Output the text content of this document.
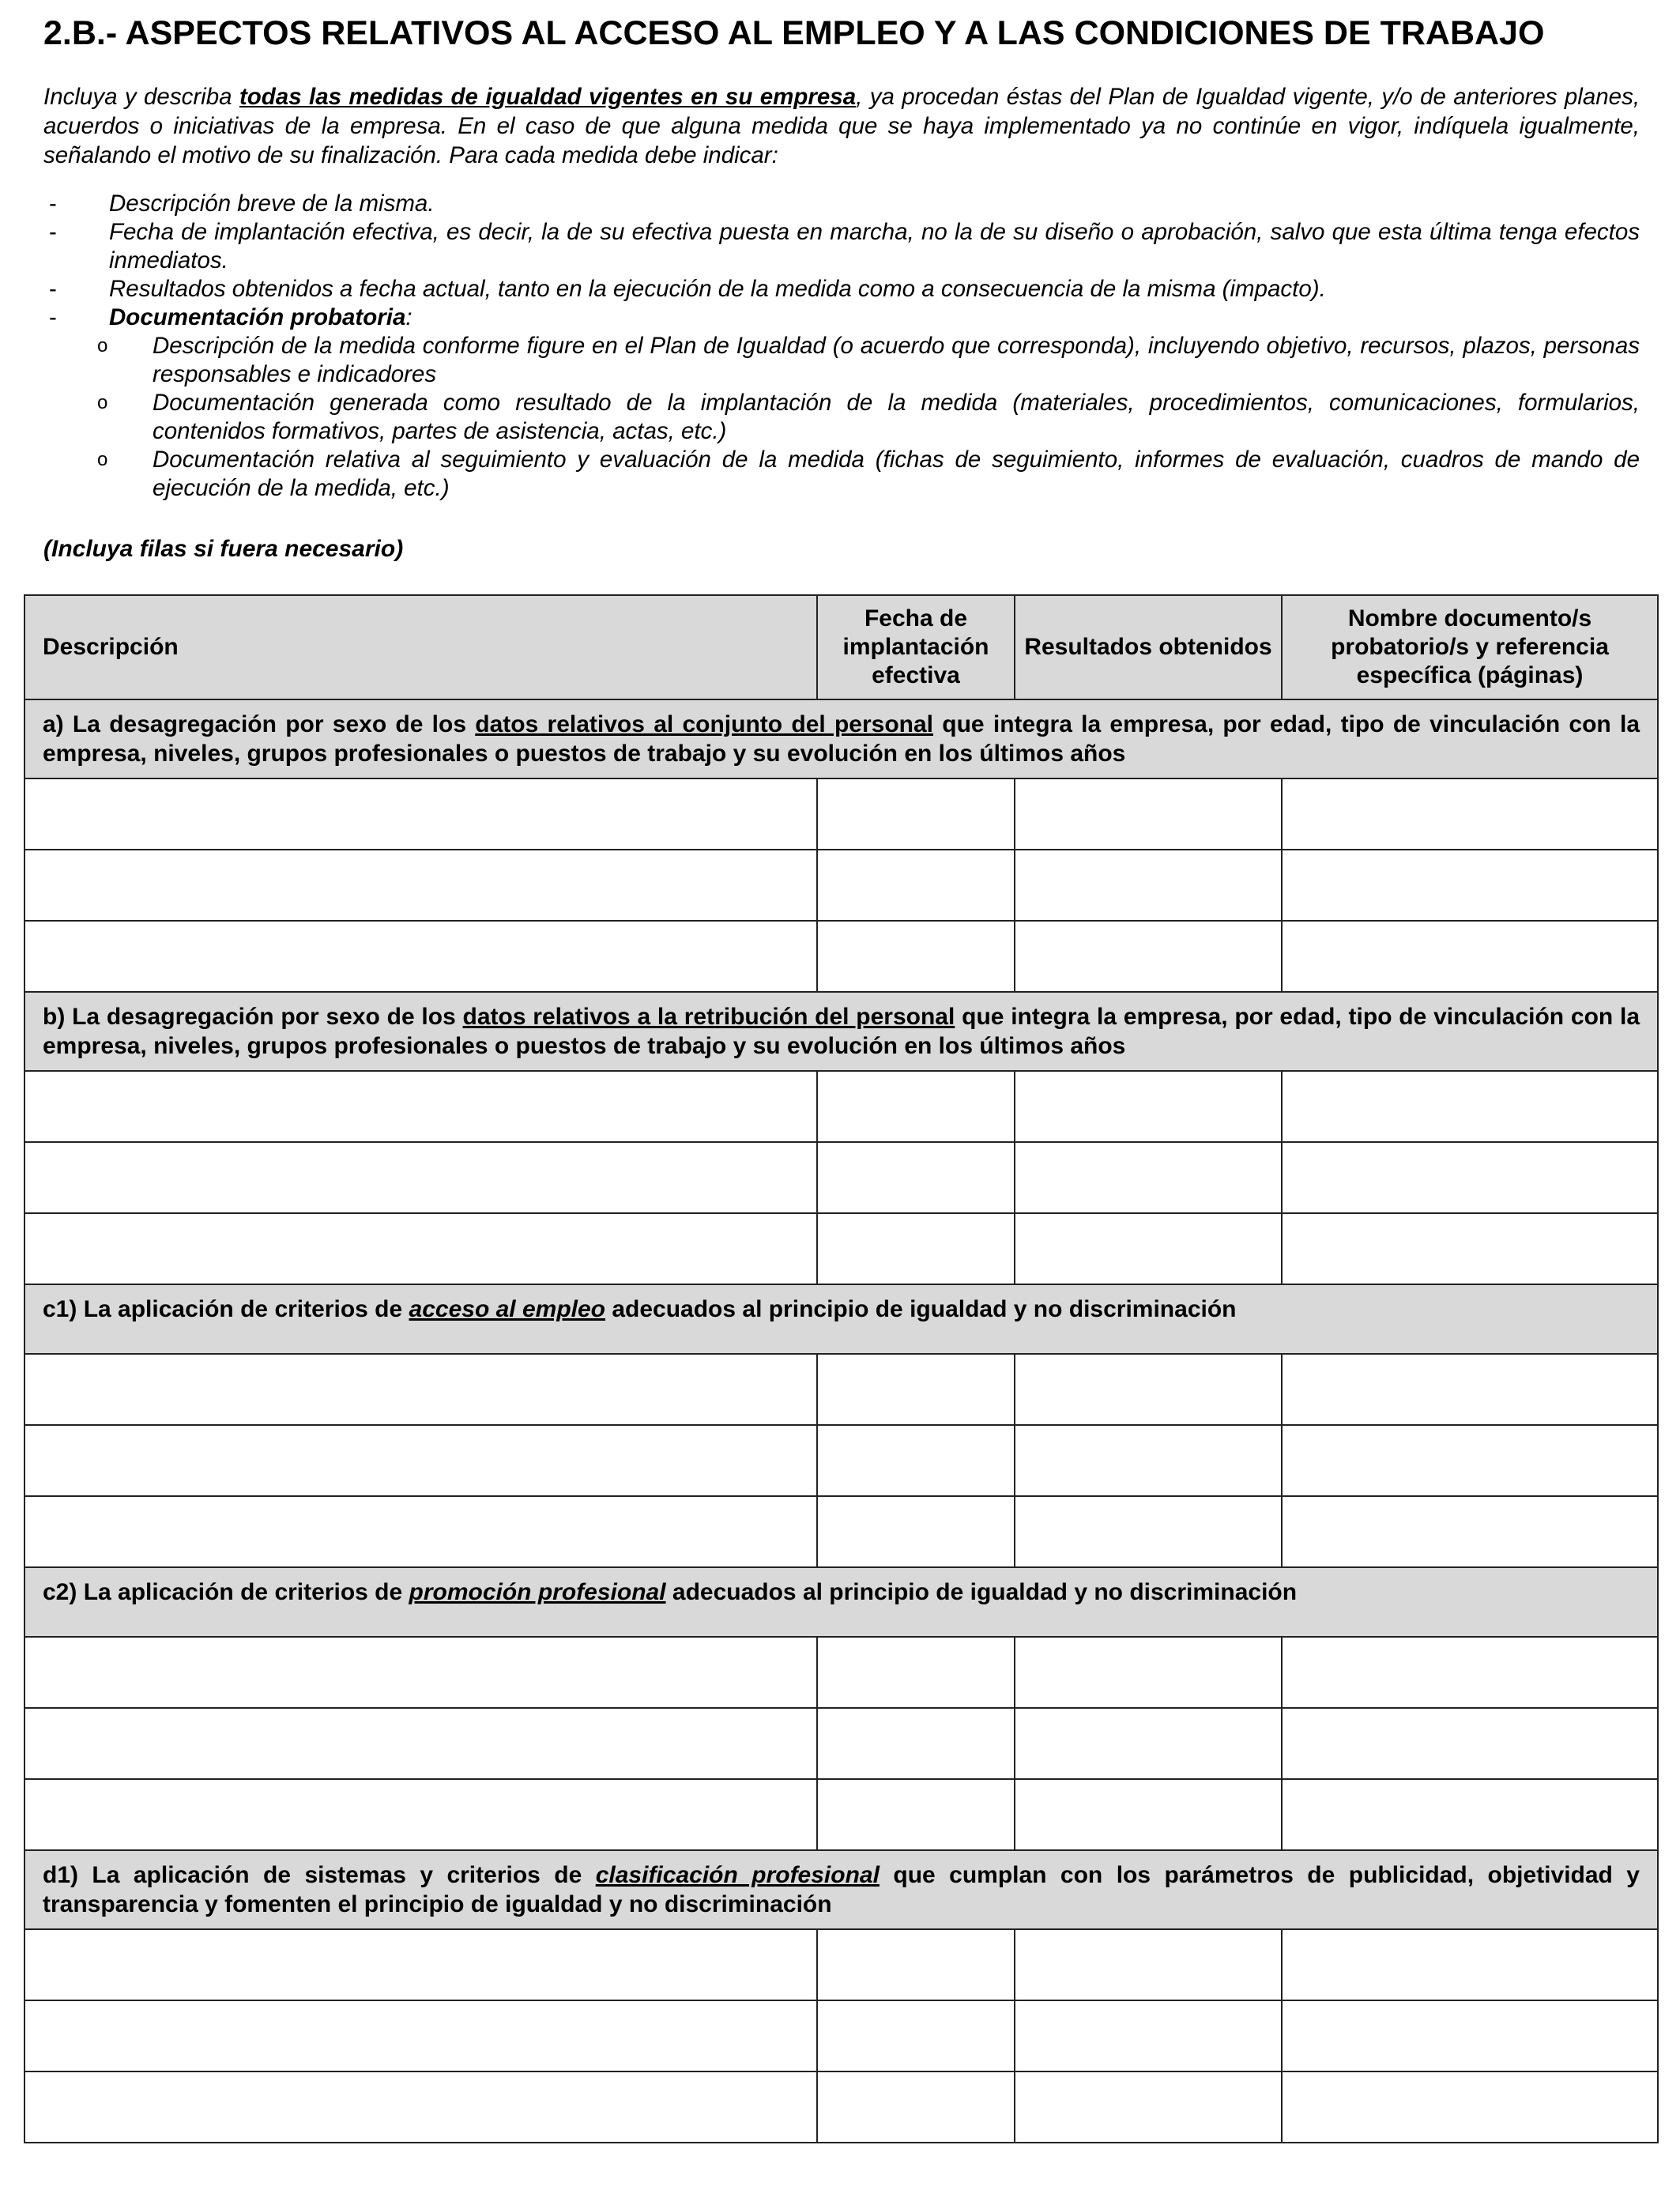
2.B.- ASPECTOS RELATIVOS AL ACCESO AL EMPLEO Y A LAS CONDICIONES DE TRABAJO
Incluya y describa todas las medidas de igualdad vigentes en su empresa, ya procedan éstas del Plan de Igualdad vigente, y/o de anteriores planes, acuerdos o iniciativas de la empresa. En el caso de que alguna medida que se haya implementado ya no continúe en vigor, indíquela igualmente, señalando el motivo de su finalización. Para cada medida debe indicar:
-	Descripción breve de la misma.
-	Fecha de implantación efectiva, es decir, la de su efectiva puesta en marcha, no la de su diseño o aprobación, salvo que esta última tenga efectos inmediatos.
-	Resultados obtenidos a fecha actual, tanto en la ejecución de la medida como a consecuencia de la misma (impacto).
-	Documentación probatoria:
o	Descripción de la medida conforme figure en el Plan de Igualdad (o acuerdo que corresponda), incluyendo objetivo, recursos, plazos, personas responsables e indicadores
o	Documentación generada como resultado de la implantación de la medida (materiales, procedimientos, comunicaciones, formularios, contenidos formativos, partes de asistencia, actas, etc.)
o	Documentación relativa al seguimiento y evaluación de la medida (fichas de seguimiento, informes de evaluación, cuadros de mando de ejecución de la medida, etc.)
(Incluya filas si fuera necesario)
Descripción	Fecha de implantación efectiva	Resultados obtenidos	Nombre documento/s probatorio/s y referencia específica (páginas)
a) La desagregación por sexo de los datos relativos al conjunto del personal que integra la empresa, por edad, tipo de vinculación con la empresa, niveles, grupos profesionales o puestos de trabajo y su evolución en los últimos años			

b) La desagregación por sexo de los datos relativos a la retribución del personal que integra la empresa, por edad, tipo de vinculación con la empresa, niveles, grupos profesionales o puestos de trabajo y su evolución en los últimos años			

c1) La aplicación de criterios de acceso al empleo adecuados al principio de igualdad y no discriminación			

c2) La aplicación de criterios de promoción profesional adecuados al principio de igualdad y no discriminación			

d1) La aplicación de sistemas y criterios de clasificación profesional que cumplan con los parámetros de publicidad, objetividad y transparencia y fomenten el principio de igualdad y no discriminación			
